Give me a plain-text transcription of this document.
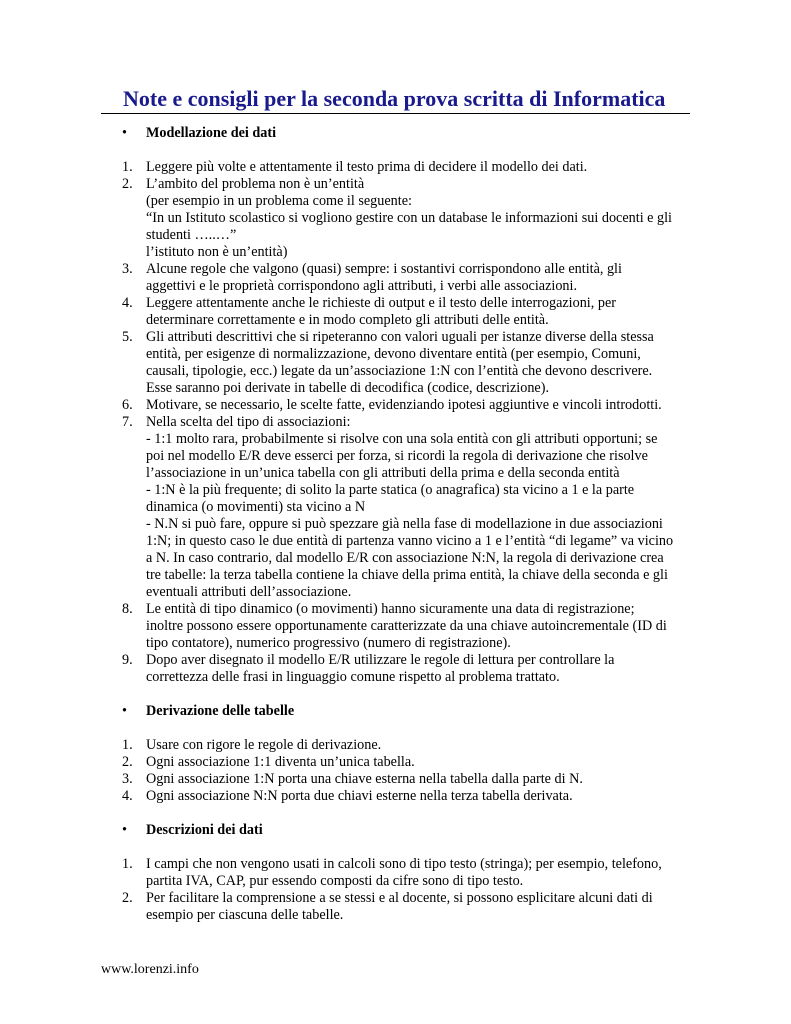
Note e consigli per la seconda prova scritta di Informatica

• Modellazione dei dati

1. Leggere più volte e attentamente il testo prima di decidere il modello dei dati.
2. L’ambito del problema non è un’entità
(per esempio in un problema come il seguente:
“In un Istituto scolastico si vogliono gestire con un database le informazioni sui docenti e gli
studenti …..…”
l’istituto non è un’entità)
3. Alcune regole che valgono (quasi) sempre: i sostantivi corrispondono alle entità, gli
aggettivi e le proprietà corrispondono agli attributi, i verbi alle associazioni.
4. Leggere attentamente anche le richieste di output e il testo delle interrogazioni, per
determinare correttamente e in modo completo gli attributi delle entità.
5. Gli attributi descrittivi che si ripeteranno con valori uguali per istanze diverse della stessa
entità, per esigenze di normalizzazione, devono diventare entità (per esempio, Comuni,
causali, tipologie, ecc.) legate da un’associazione 1:N con l’entità che devono descrivere.
Esse saranno poi derivate in tabelle di decodifica (codice, descrizione).
6. Motivare, se necessario, le scelte fatte, evidenziando ipotesi aggiuntive e vincoli introdotti.
7. Nella scelta del tipo di associazioni:
- 1:1 molto rara, probabilmente si risolve con una sola entità con gli attributi opportuni; se
poi nel modello E/R deve esserci per forza, si ricordi la regola di derivazione che risolve
l’associazione in un’unica tabella con gli attributi della prima e della seconda entità
- 1:N è la più frequente; di solito la parte statica (o anagrafica) sta vicino a 1 e la parte
dinamica (o movimenti) sta vicino a N
- N.N si può fare, oppure si può spezzare già nella fase di modellazione in due associazioni
1:N; in questo caso le due entità di partenza vanno vicino a 1 e l’entità “di legame” va vicino
a N. In caso contrario, dal modello E/R con associazione N:N, la regola di derivazione crea
tre tabelle: la terza tabella contiene la chiave della prima entità, la chiave della seconda e gli
eventuali attributi dell’associazione.
8. Le entità di tipo dinamico (o movimenti) hanno sicuramente una data di registrazione;
inoltre possono essere opportunamente caratterizzate da una chiave autoincrementale (ID di
tipo contatore), numerico progressivo (numero di registrazione).
9. Dopo aver disegnato il modello E/R utilizzare le regole di lettura per controllare la
correttezza delle frasi in linguaggio comune rispetto al problema trattato.

• Derivazione delle tabelle

1. Usare con rigore le regole di derivazione.
2. Ogni associazione 1:1 diventa un’unica tabella.
3. Ogni associazione 1:N porta una chiave esterna nella tabella dalla parte di N.
4. Ogni associazione N:N porta due chiavi esterne nella terza tabella derivata.

• Descrizioni dei dati

1. I campi che non vengono usati in calcoli sono di tipo testo (stringa); per esempio, telefono,
partita IVA, CAP, pur essendo composti da cifre sono di tipo testo.
2. Per facilitare la comprensione a se stessi e al docente, si possono esplicitare alcuni dati di
esempio per ciascuna delle tabelle.

www.lorenzi.info
